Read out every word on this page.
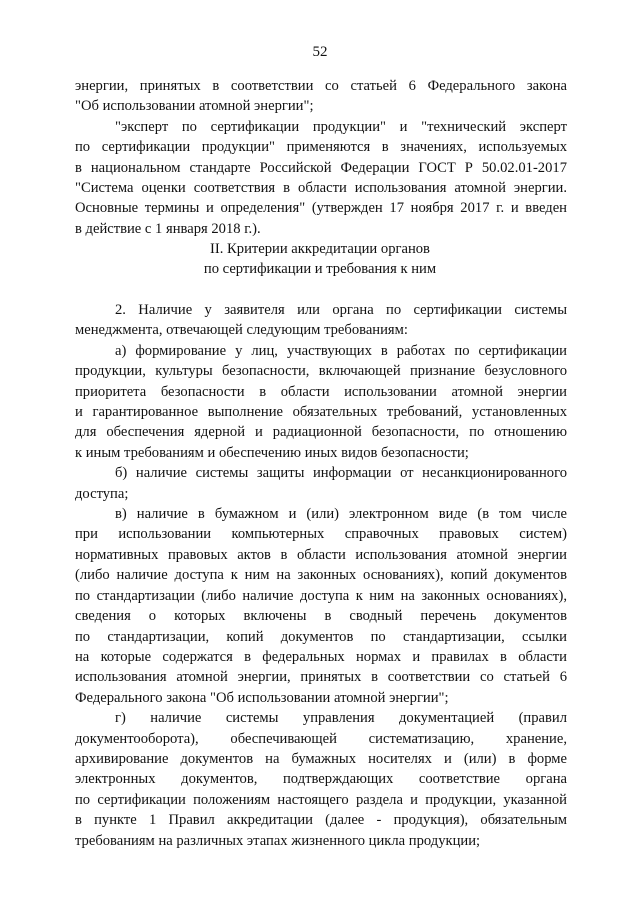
52
энергии, принятых в соответствии со статьей 6 Федерального закона
"Об использовании атомной энергии";
"эксперт по сертификации продукции" и "технический эксперт
по сертификации продукции" применяются в значениях, используемых
в национальном стандарте Российской Федерации ГОСТ Р 50.02.01-2017
"Система оценки соответствия в области использования атомной энергии.
Основные термины и определения" (утвержден 17 ноября 2017 г. и введен
в действие с 1 января 2018 г.).
II. Критерии аккредитации органов
по сертификации и требования к ним
2. Наличие у заявителя или органа по сертификации системы
менеджмента, отвечающей следующим требованиям:
а) формирование у лиц, участвующих в работах по сертификации
продукции, культуры безопасности, включающей признание безусловного
приоритета безопасности в области использовании атомной энергии
и гарантированное выполнение обязательных требований, установленных
для обеспечения ядерной и радиационной безопасности, по отношению
к иным требованиям и обеспечению иных видов безопасности;
б) наличие системы защиты информации от несанкционированного
доступа;
в) наличие в бумажном и (или) электронном виде (в том числе
при использовании компьютерных справочных правовых систем)
нормативных правовых актов в области использования атомной энергии
(либо наличие доступа к ним на законных основаниях), копий документов
по стандартизации (либо наличие доступа к ним на законных основаниях),
сведения о которых включены в сводный перечень документов
по стандартизации, копий документов по стандартизации, ссылки
на которые содержатся в федеральных нормах и правилах в области
использования атомной энергии, принятых в соответствии со статьей 6
Федерального закона "Об использовании атомной энергии";
г) наличие системы управления документацией (правил
документооборота), обеспечивающей систематизацию, хранение,
архивирование документов на бумажных носителях и (или) в форме
электронных документов, подтверждающих соответствие органа
по сертификации положениям настоящего раздела и продукции, указанной
в пункте 1 Правил аккредитации (далее - продукция), обязательным
требованиям на различных этапах жизненного цикла продукции;
